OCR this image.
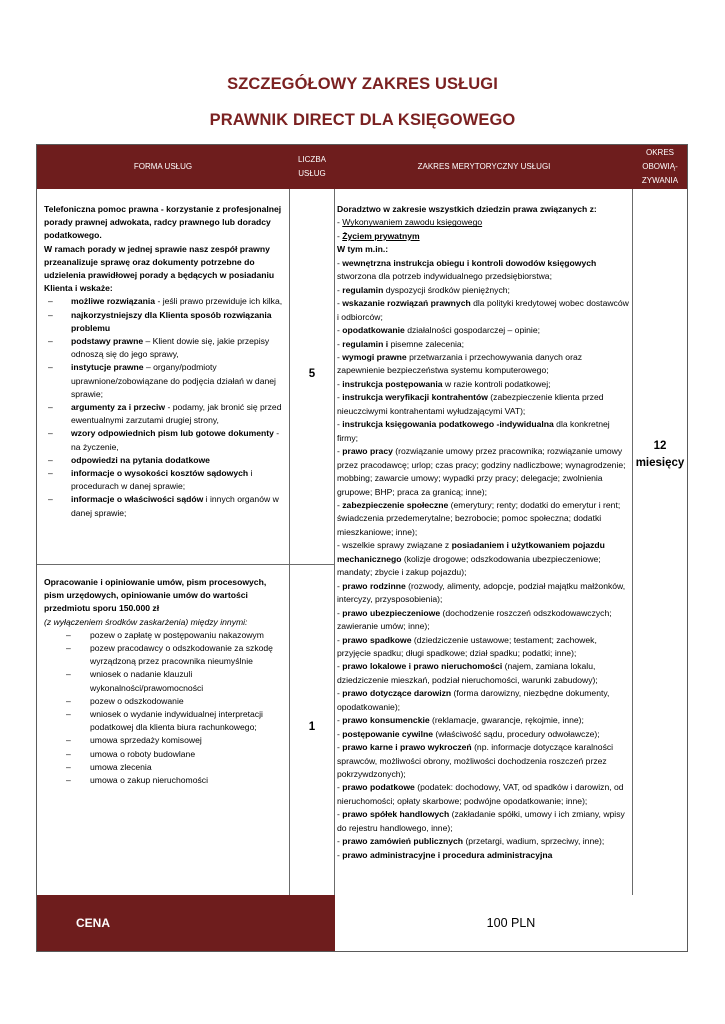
SZCZEGÓŁOWY ZAKRES USŁUGI
PRAWNIK DIRECT DLA KSIĘGOWEGO
FORMA USŁUG
LICZBA
USŁUG
ZAKRES MERYTORYCZNY USŁUGI
OKRES
OBOWIĄ-
ZYWANIA
Telefoniczna pomoc prawna - korzystanie z profesjonalnej porady prawnej adwokata, radcy prawnego lub doradcy podatkowego.
W ramach porady w jednej sprawie nasz zespół prawny przeanalizuje sprawę oraz dokumenty potrzebne do udzielenia prawidłowej porady a będących w posiadaniu Klienta i wskaże:
– możliwe rozwiązania - jeśli prawo przewiduje ich kilka,
– najkorzystniejszy dla Klienta sposób rozwiązania problemu
– podstawy prawne – Klient dowie się, jakie przepisy odnoszą się do jego sprawy,
– instytucje prawne – organy/podmioty uprawnione/zobowiązane do podjęcia działań w danej sprawie;
– argumenty za i przeciw - podamy, jak bronić się przed ewentualnymi zarzutami drugiej strony,
– wzory odpowiednich pism lub gotowe dokumenty - na życzenie,
– odpowiedzi na pytania dodatkowe
– informacje o wysokości kosztów sądowych i procedurach w danej sprawie;
– informacje o właściwości sądów i innych organów w danej sprawie;
5
Opracowanie i opiniowanie umów, pism procesowych, pism urzędowych, opiniowanie umów do wartości przedmiotu sporu 150.000 zł
(z wyłączeniem środków zaskarżenia) między innymi:
– pozew o zapłatę w postępowaniu nakazowym
– pozew pracodawcy o odszkodowanie za szkodę wyrządzoną przez pracownika nieumyślnie
– wniosek o nadanie klauzuli wykonalności/prawomocności
– pozew o odszkodowanie
– wniosek o wydanie indywidualnej interpretacji podatkowej dla klienta biura rachunkowego;
– umowa sprzedaży komisowej
– umowa o roboty budowlane
– umowa zlecenia
– umowa o zakup nieruchomości
1
Doradztwo w zakresie wszystkich dziedzin prawa związanych z:
- Wykonywaniem zawodu księgowego
- Życiem prywatnym
W tym m.in.:
- wewnętrzna instrukcja obiegu i kontroli dowodów księgowych stworzona dla potrzeb indywidualnego przedsiębiorstwa;
- regulamin dyspozycji środków pieniężnych;
- wskazanie rozwiązań prawnych dla polityki kredytowej wobec dostawców i odbiorców;
- opodatkowanie działalności gospodarczej – opinie;
- regulamin i pisemne zalecenia;
- wymogi prawne przetwarzania i przechowywania danych oraz zapewnienie bezpieczeństwa systemu komputerowego;
- instrukcja postępowania w razie kontroli podatkowej;
- instrukcja weryfikacji kontrahentów (zabezpieczenie klienta przed nieuczciwymi kontrahentami wyłudzającymi VAT);
- instrukcja księgowania podatkowego -indywidualna dla konkretnej firmy;
- prawo pracy (rozwiązanie umowy przez pracownika; rozwiązanie umowy przez pracodawcę; urlop; czas pracy; godziny nadliczbowe; wynagrodzenie; mobbing; zawarcie umowy; wypadki przy pracy; delegacje; zwolnienia grupowe; BHP; praca za granicą; inne);
- zabezpieczenie społeczne (emerytury; renty; dodatki do emerytur i rent; świadczenia przedemerytalne; bezrobocie; pomoc społeczna; dodatki mieszkaniowe; inne);
- wszelkie sprawy związane z posiadaniem i użytkowaniem pojazdu mechanicznego (kolizje drogowe; odszkodowania ubezpieczeniowe; mandaty; zbycie i zakup pojazdu);
- prawo rodzinne (rozwody, alimenty, adopcje, podział majątku małżonków, intercyzy, przysposobienia);
- prawo ubezpieczeniowe (dochodzenie roszczeń odszkodowawczych; zawieranie umów; inne);
- prawo spadkowe (dziedziczenie ustawowe; testament; zachowek, przyjęcie spadku; długi spadkowe; dział spadku; podatki; inne);
- prawo lokalowe i prawo nieruchomości (najem, zamiana lokalu, dziedziczenie mieszkań, podział nieruchomości, warunki zabudowy);
- prawo dotyczące darowizn (forma darowizny, niezbędne dokumenty, opodatkowanie);
- prawo konsumenckie (reklamacje, gwarancje, rękojmie, inne);
- postępowanie cywilne (właściwość sądu, procedury odwoławcze);
- prawo karne i prawo wykroczeń (np. informacje dotyczące karalności sprawców, możliwości obrony, możliwości dochodzenia roszczeń przez pokrzywdzonych);
- prawo podatkowe (podatek: dochodowy, VAT, od spadków i darowizn, od nieruchomości; opłaty skarbowe; podwójne opodatkowanie; inne);
- prawo spółek handlowych (zakładanie spółki, umowy i ich zmiany, wpisy do rejestru handlowego, inne);
- prawo zamówień publicznych (przetargi, wadium, sprzeciwy, inne);
- prawo administracyjne i procedura administracyjna
12
miesięcy
CENA	100 PLN
